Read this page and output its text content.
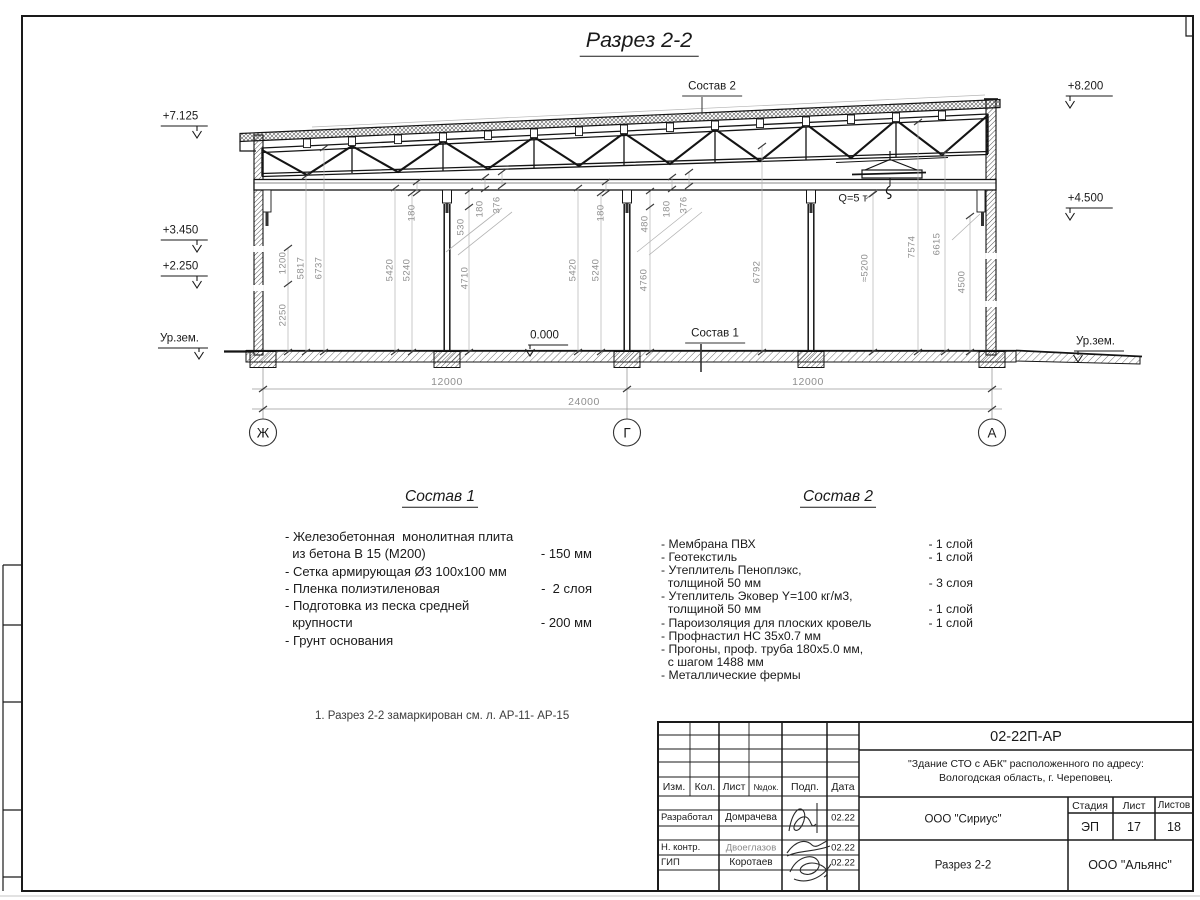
Разрез 2-2
+7.125
+3.450
+2.250
Ур.зем.
+8.200
+4.500
Ур.зем.
0.000
Состав 2
Состав 1
Q=5 т
2250
1200 5817 6737	5420 5240
180
530
180 376
4710	5420 5240
180
480
180 376
4760	6792	≈5200
7574 6615
4500
12000	12000
24000
Ж	Г	А
Состав 1	Состав 2
- Железобетонная  монолитная плита
из бетона В 15 (М200)	- 150 мм
- Сетка армирующая Ø3 100х100 мм
- Пленка полиэтиленовая	-  2 слоя
- Подготовка из песка средней
крупности	- 200 мм
- Грунт основания
- Мембрана ПВХ	- 1 слой
- Геотекстиль	- 1 слой
- Утеплитель Пеноплэкс,
толщиной 50 мм	- 3 слоя
- Утеплитель Эковер Y=100 кг/м3,
толщиной 50 мм	- 1 слой
- Пароизоляция для плоских кровель	- 1 слой
- Профнастил НС 35х0.7 мм
- Прогоны, проф. труба 180х5.0 мм,
с шагом 1488 мм
- Металлические фермы
1. Разрез 2-2 замаркирован см. л. АР-11- АР-15
Изм. Кол. Лист №док. Подп. Дата
Разработал Домрачева	02.22
Н. контр.	Двоеглазов	02.22
ГИП	Коротаев	02.22
02-22П-АР
"Здание СТО с АБК" расположенного по адресу:
Вологодская область, г. Череповец.
ООО "Сириус"
Стадия Лист Листов
ЭП 17 18
Разрез 2-2	ООО "Альянс"
